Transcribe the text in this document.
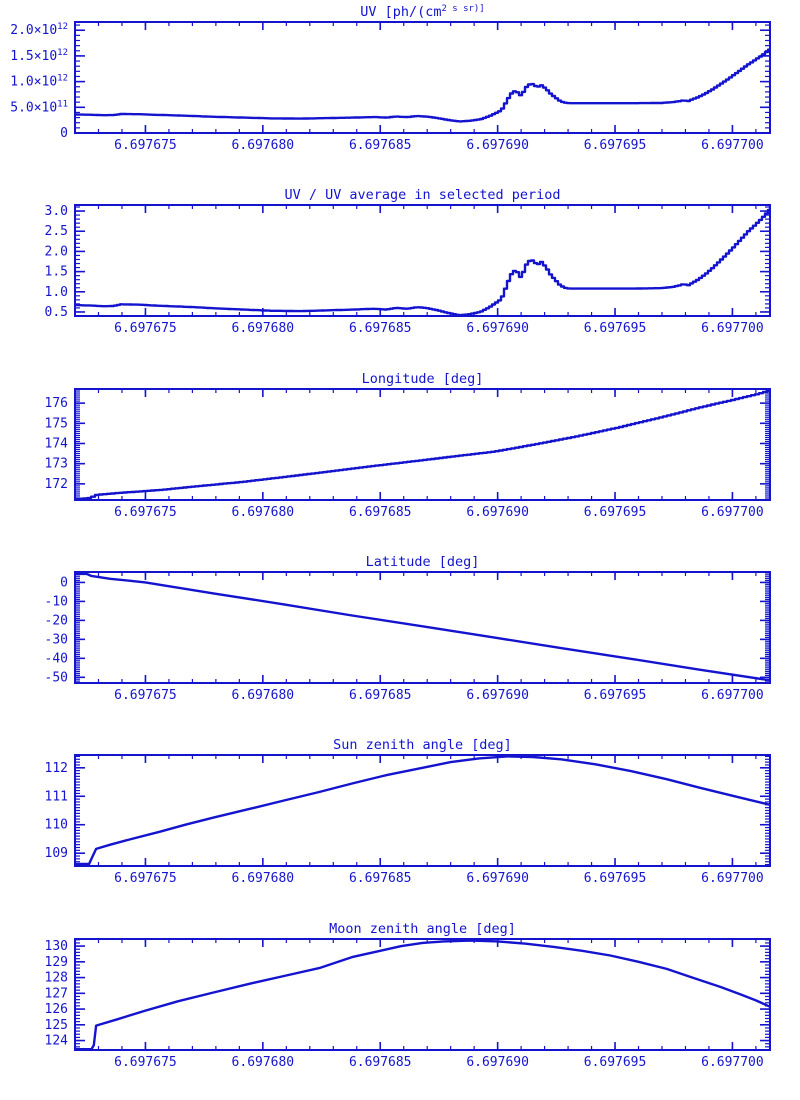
UV [$ph/(cm^{2 s sr)]}$
6.697675	6.697680	6.697685	6.697690	6.697695	6.697700
0
$5.0\times 10^{11}$
$1.0\times 10^{12}$
$1.5\times 10^{12}$
$2.0\times 10^{12}$
UV / UV average in selected period
6.697675	6.697680	6.697685	6.697690	6.697695	6.697700
0.5
1.0
1.5
2.0
2.5
3.0
Longitude [deg]
6.697675	6.697680	6.697685	6.697690	6.697695	6.697700
172
173
174
175
176
Latitude [deg]
6.697675	6.697680	6.697685	6.697690	6.697695	6.697700
0
-10
-20
-30
-40
-50
Sun zenith angle [deg]
6.697675	6.697680	6.697685	6.697690	6.697695	6.697700
109
110
111
112
Moon zenith angle [deg]
6.697675	6.697680	6.697685	6.697690	6.697695	6.697700
124
125
126
127
128
129
130
